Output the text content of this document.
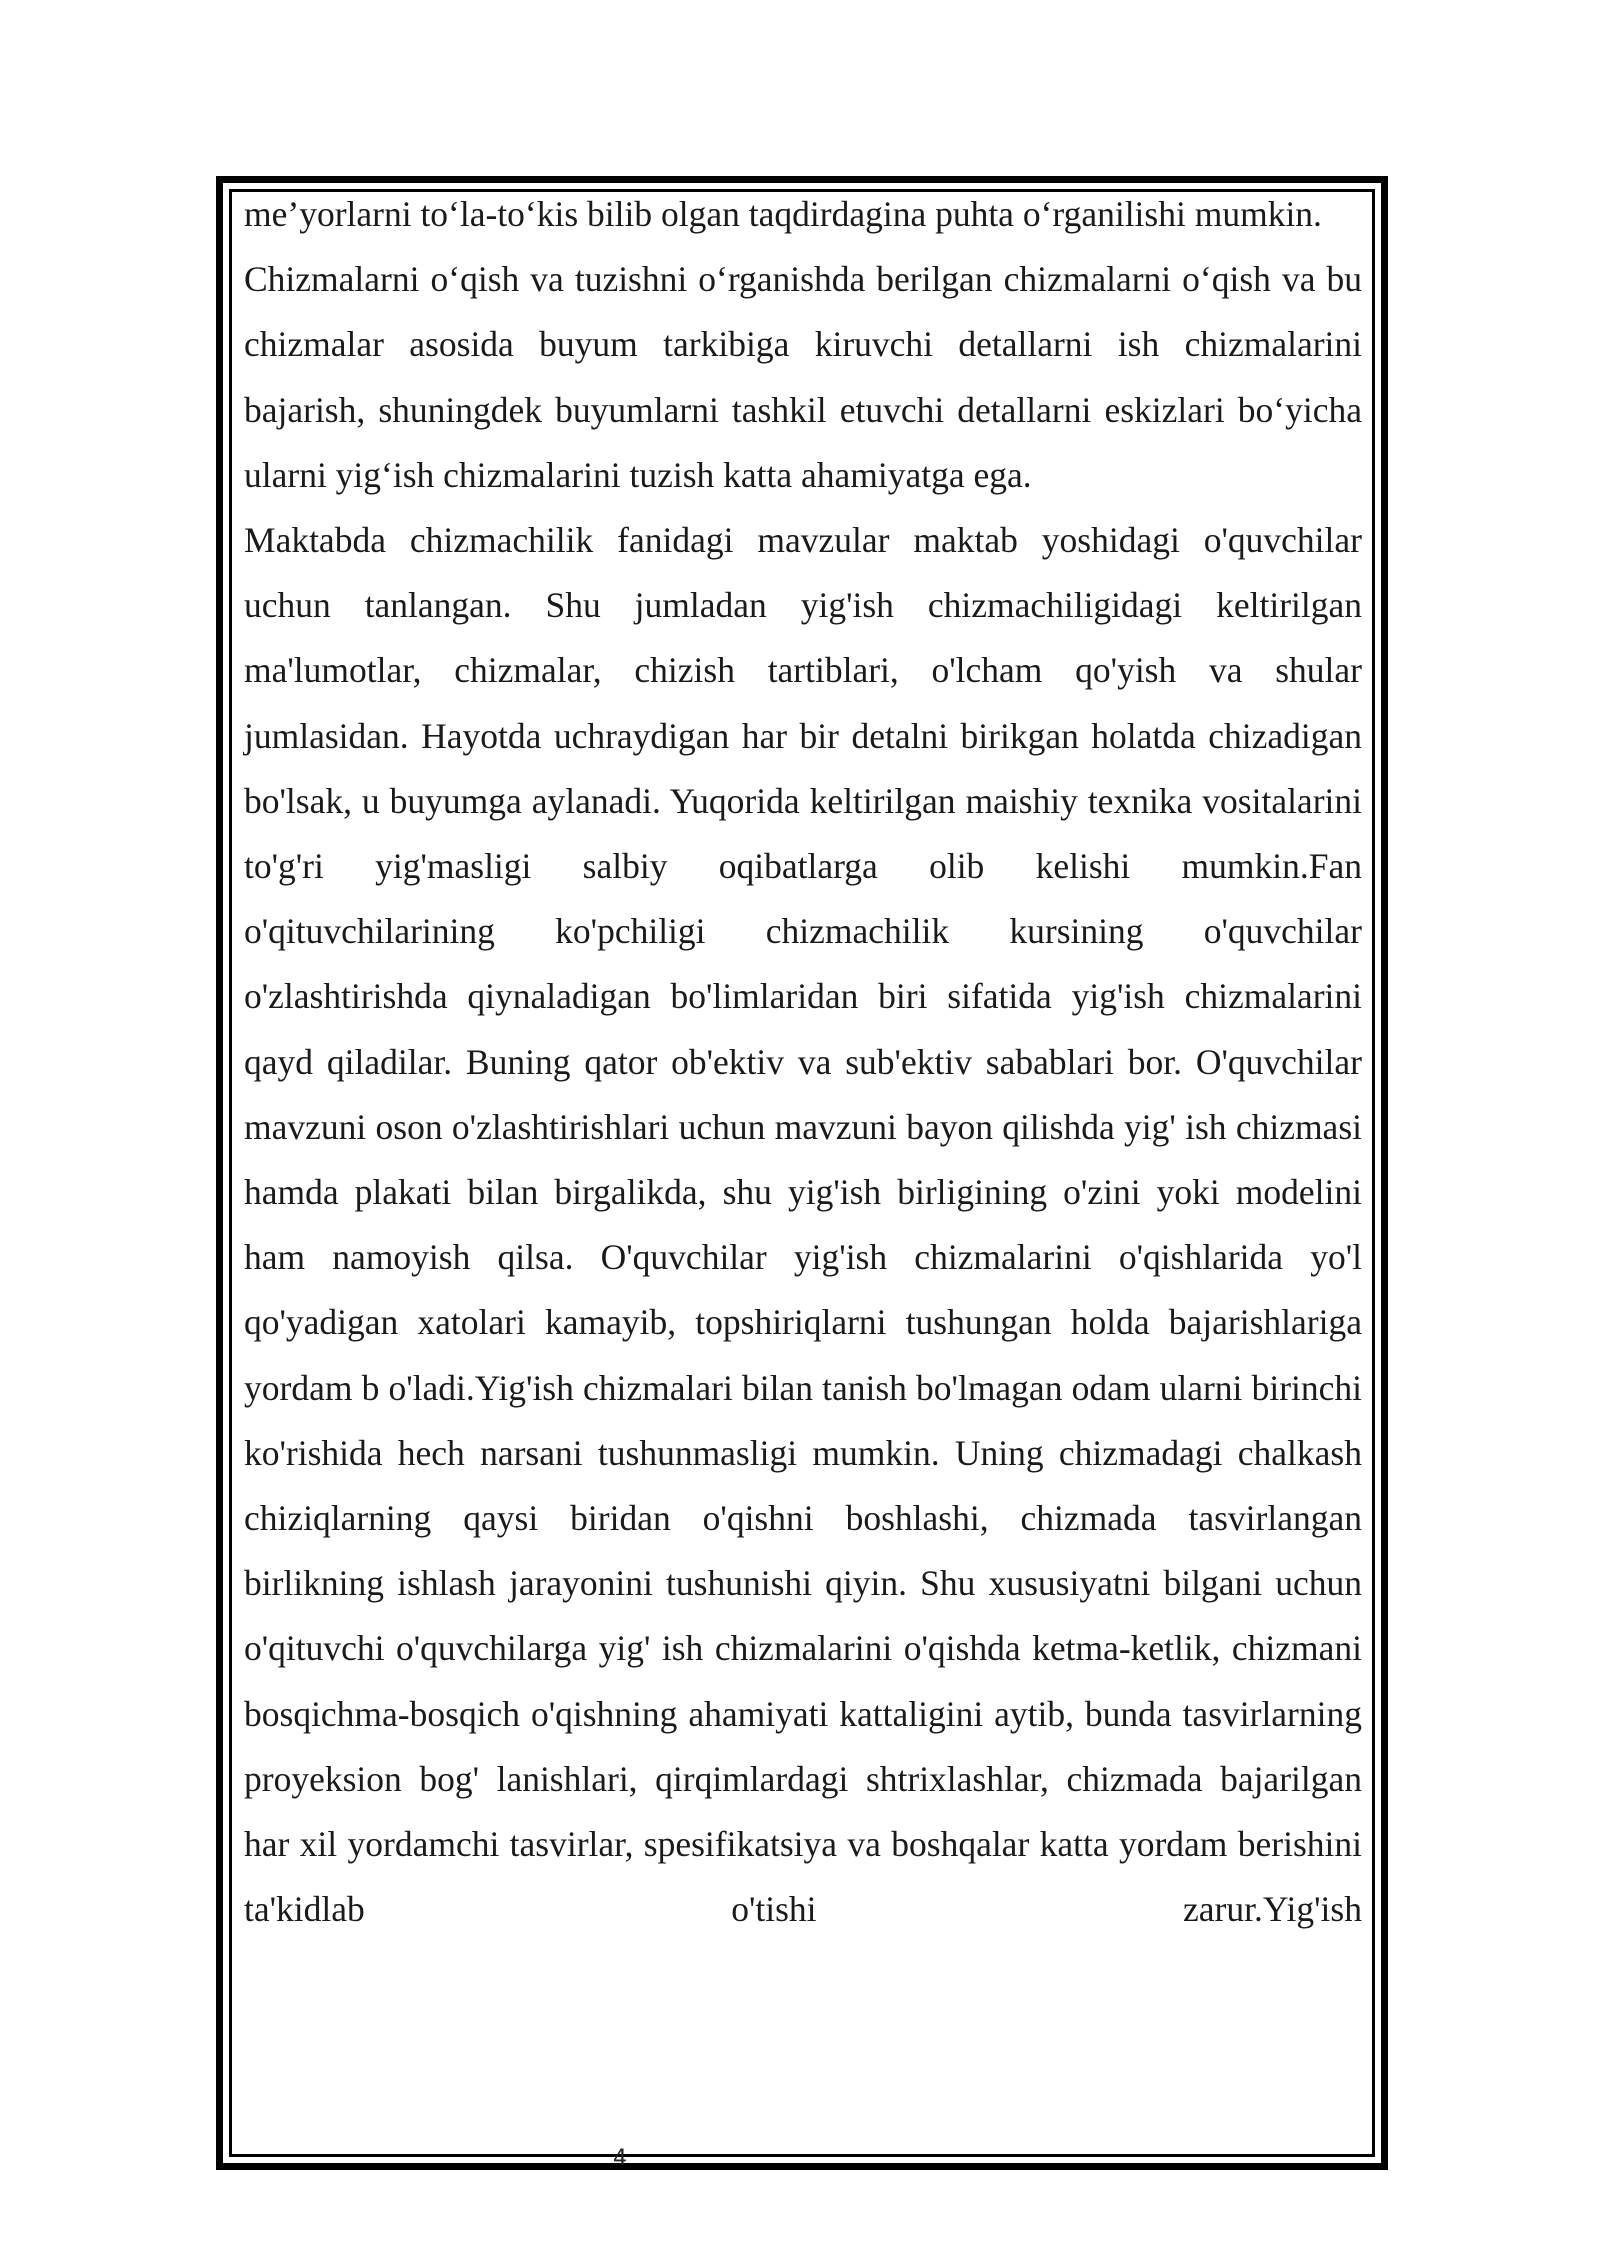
me’yorlarni to‘la-to‘kis bilib olgan taqdirdagina puhta o‘rganilishi mumkin.

Chizmalarni o‘qish va tuzishni o‘rganishda berilgan chizmalarni o‘qish va bu chizmalar asosida buyum tarkibiga kiruvchi detallarni ish chizmalarini bajarish, shuningdek buyumlarni tashkil etuvchi detallarni eskizlari bo‘yicha ularni yig‘ish chizmalarini tuzish katta ahamiyatga ega.

Maktabda chizmachilik fanidagi mavzular maktab yoshidagi o'quvchilar uchun tanlangan. Shu jumladan yig'ish chizmachiligidagi keltirilgan ma'lumotlar, chizmalar, chizish tartiblari, o'lcham qo'yish va shular jumlasidan. Hayotda uchraydigan har bir detalni birikgan holatda chizadigan bo'lsak, u buyumga aylanadi. Yuqorida keltirilgan maishiy texnika vositalarini to'g'ri yig'masligi salbiy oqibatlarga olib kelishi mumkin.Fan o'qituvchilarining ko'pchiligi chizmachilik kursining o'quvchilar o'zlashtirishda qiynaladigan bo'limlaridan biri sifatida yig'ish chizmalarini qayd qiladilar. Buning qator ob'ektiv va sub'ektiv sabablari bor. O'quvchilar mavzuni oson o'zlashtirishlari uchun mavzuni bayon qilishda yig' ish chizmasi hamda plakati bilan birgalikda, shu yig'ish birligining o'zini yoki modelini ham namoyish qilsa. O'quvchilar yig'ish chizmalarini o'qishlarida yo'l qo'yadigan xatolari kamayib, topshiriqlarni tushungan holda bajarishlariga yordam b o'ladi.Yig'ish chizmalari bilan tanish bo'lmagan odam ularni birinchi ko'rishida hech narsani tushunmasligi mumkin. Uning chizmadagi chalkash chiziqlarning qaysi biridan o'qishni boshlashi, chizmada tasvirlangan birlikning ishlash jarayonini tushunishi qiyin. Shu xususiyatni bilgani uchun o'qituvchi o'quvchilarga yig' ish chizmalarini o'qishda ketma-ketlik, chizmani bosqichma-bosqich o'qishning ahamiyati kattaligini aytib, bunda tasvirlarning proyeksion bog' lanishlari, qirqimlardagi shtrixlashlar, chizmada bajarilgan har xil yordamchi tasvirlar, spesifikatsiya va boshqalar katta yordam berishini ta'kidlab o'tishi zarur.Yig'ish

4
